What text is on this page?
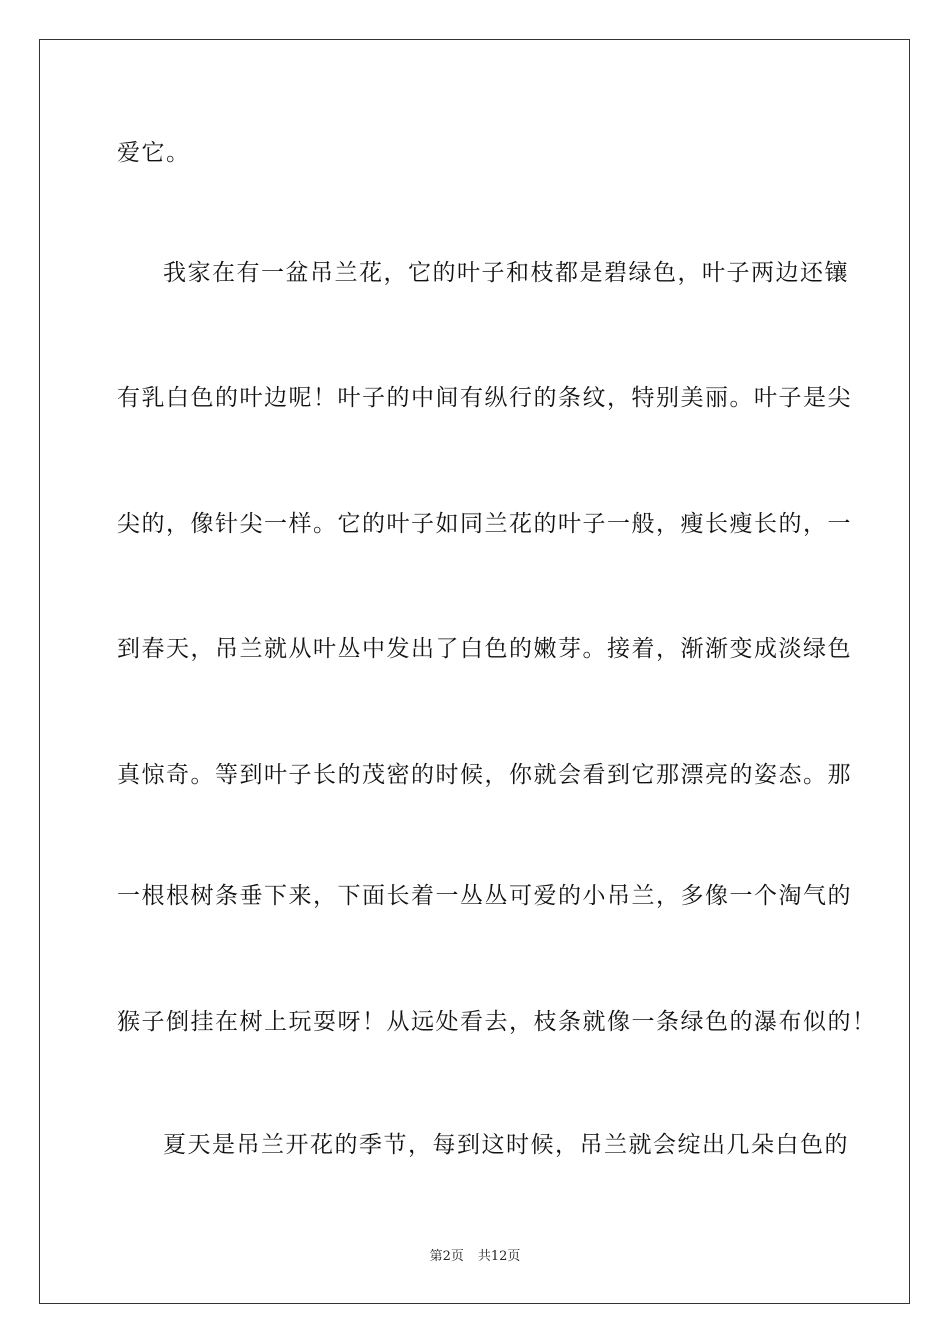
爱它。
我家在有一盆吊兰花，它的叶子和枝都是碧绿色，叶子两边还镶
有乳白色的叶边呢！叶子的中间有纵行的条纹，特别美丽。叶子是尖
尖的，像针尖一样。它的叶子如同兰花的叶子一般，瘦长瘦长的，一
到春天，吊兰就从叶丛中发出了白色的嫩芽。接着，渐渐变成淡绿色
真惊奇。等到叶子长的茂密的时候，你就会看到它那漂亮的姿态。那
一根根树条垂下来，下面长着一丛丛可爱的小吊兰，多像一个淘气的
猴子倒挂在树上玩耍呀！从远处看去，枝条就像一条绿色的瀑布似的！
夏天是吊兰开花的季节，每到这时候，吊兰就会绽出几朵白色的
第2页 共12页
